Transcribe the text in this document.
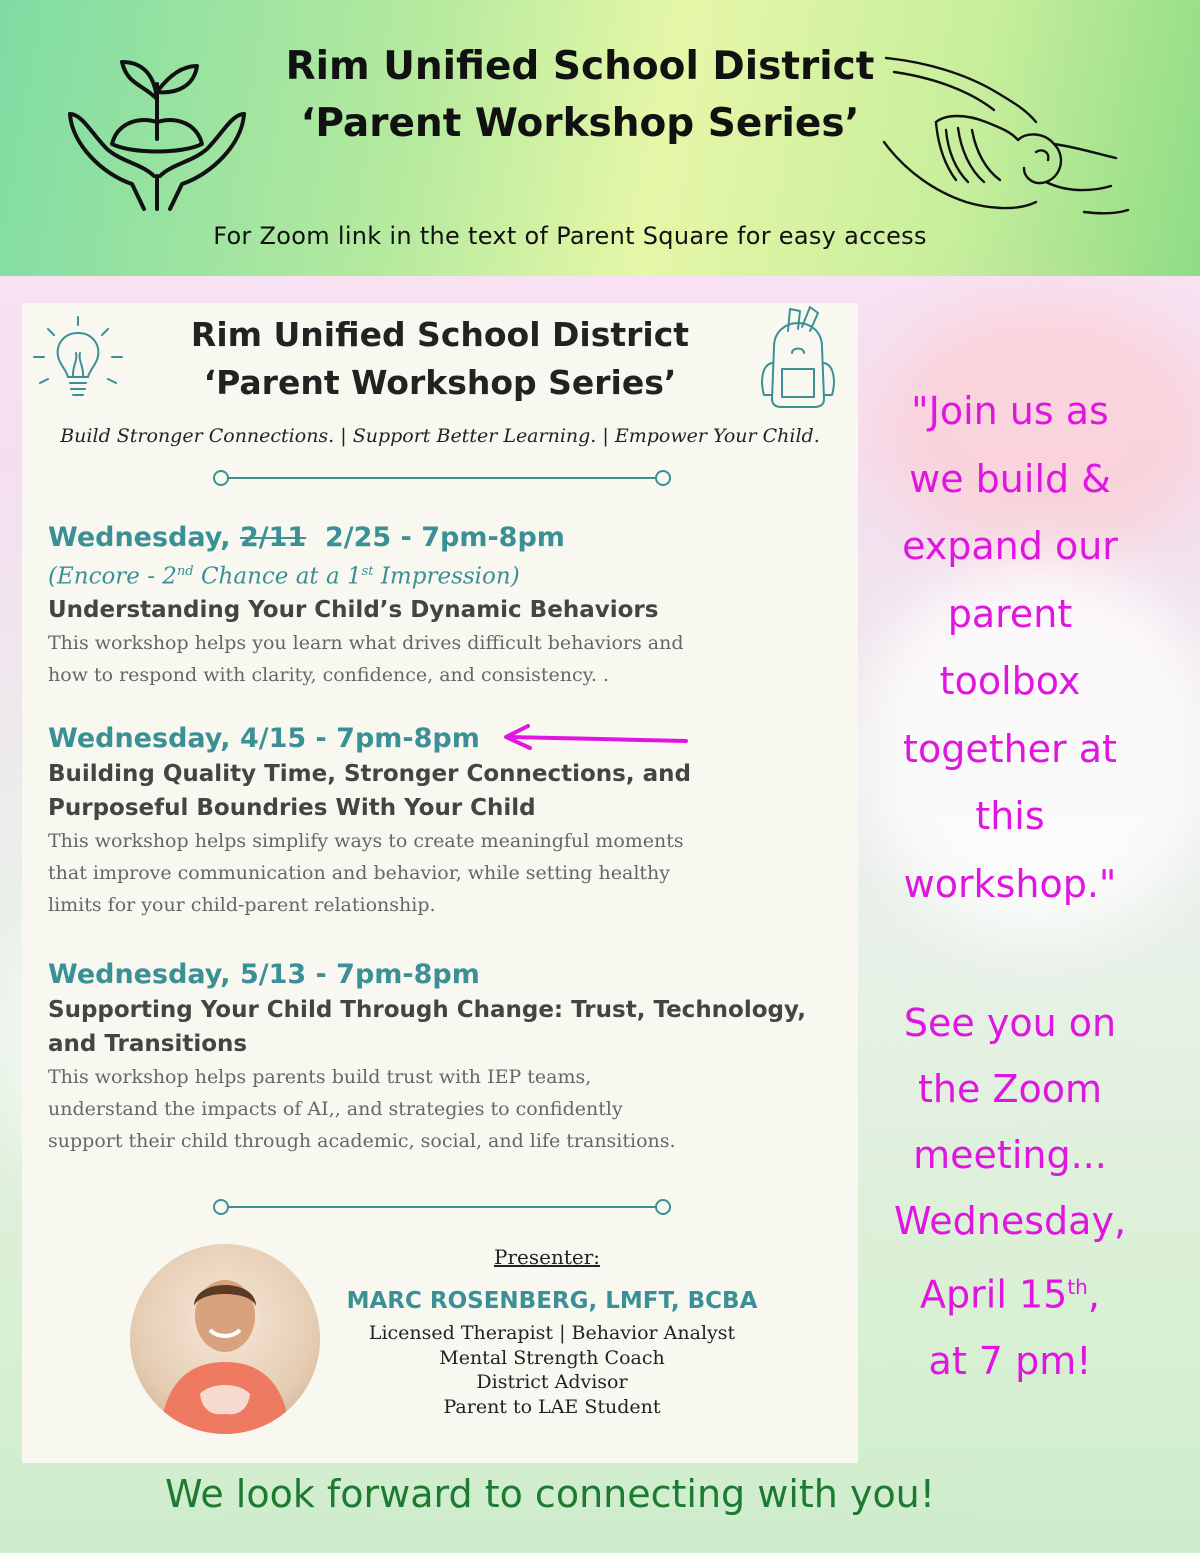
Rim Unified School District
‘Parent Workshop Series’
For Zoom link in the text of Parent Square for easy access
Rim Unified School District
‘Parent Workshop Series’
Build Stronger Connections. | Support Better Learning. | Empower Your Child.
Wednesday, 2/11 2/25 - 7pm-8pm
(Encore - 2nd Chance at a 1st Impression)
Understanding Your Child’s Dynamic Behaviors
This workshop helps you learn what drives difficult behaviors and
how to respond with clarity, confidence, and consistency. .
Wednesday, 4/15 - 7pm-8pm
Building Quality Time, Stronger Connections, and
Purposeful Boundries With Your Child
This workshop helps simplify ways to create meaningful moments
that improve communication and behavior, while setting healthy
limits for your child-parent relationship.
Wednesday, 5/13 - 7pm-8pm
Supporting Your Child Through Change: Trust, Technology,
and Transitions
This workshop helps parents build trust with IEP teams,
understand the impacts of AI,, and strategies to confidently
support their child through academic, social, and life transitions.
Presenter:
MARC ROSENBERG, LMFT, BCBA
Licensed Therapist | Behavior Analyst
Mental Strength Coach
District Advisor
Parent to LAE Student
"Join us as
we build &
expand our
parent
toolbox
together at
this
workshop."
See you on
the Zoom
meeting...
Wednesday,
April 15th,
at 7 pm!
We look forward to connecting with you!
